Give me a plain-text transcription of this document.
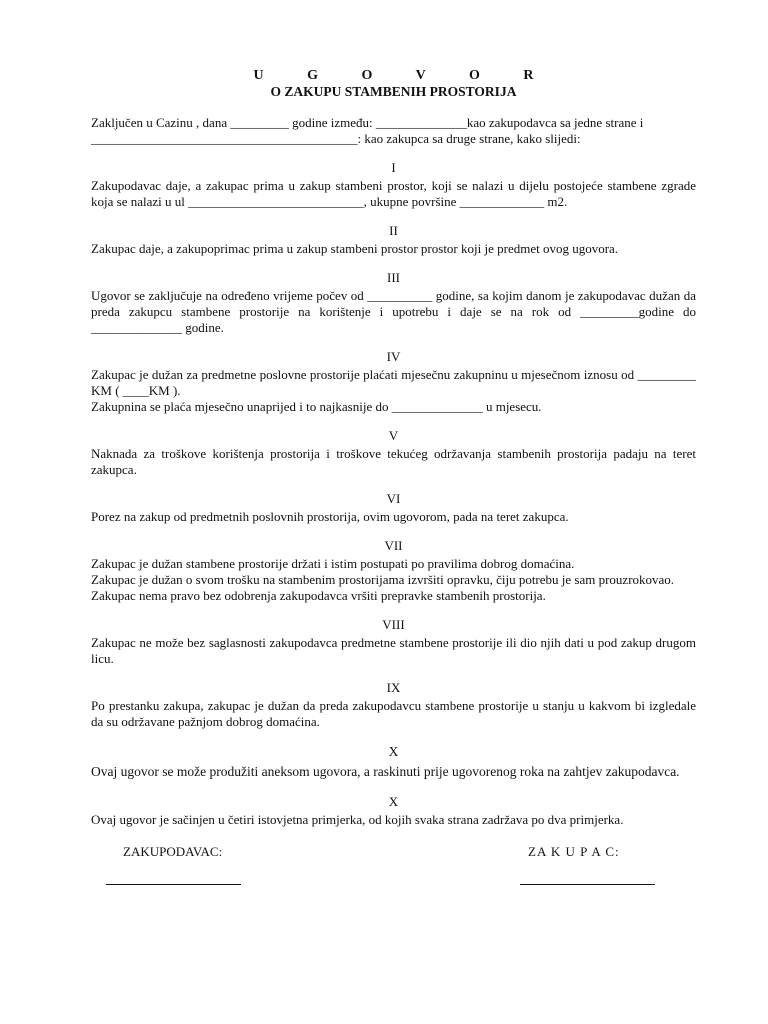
U G O V O R
O ZAKUPU STAMBENIH PROSTORIJA

Zaključen u Cazinu , dana _________ godine između: ______________kao zakupodavca sa jedne strane i
_________________________________________: kao zakupca sa druge strane, kako slijedi:

I

Zakupodavac daje, a zakupac prima u zakup stambeni prostor, koji se nalazi u dijelu postojeće stambene zgrade koja se nalazi u ul ___________________________, ukupne površine _____________ m2.

II

Zakupac daje, a zakupoprimac prima u zakup stambeni prostor prostor koji je predmet ovog ugovora.

III

Ugovor se zaključuje na određeno vrijeme počev od __________ godine, sa kojim danom je zakupodavac dužan da preda zakupcu stambene prostorije na korištenje i upotrebu i daje se na rok od _________godine do ______________ godine.

IV

Zakupac je dužan za predmetne poslovne prostorije plaćati mjesečnu zakupninu u mjesečnom iznosu od _________ KM ( ____KM ).

Zakupnina se plaća mjesečno unaprijed i to najkasnije do ______________ u mjesecu.

V

Naknada za troškove korištenja prostorija i troškove tekućeg održavanja stambenih prostorija padaju na teret zakupca.

VI

Porez na zakup od predmetnih poslovnih prostorija, ovim ugovorom, pada na teret zakupca.

VII

Zakupac je dužan stambene prostorije držati i istim postupati po pravilima dobrog domaćina.

Zakupac je dužan o svom trošku na stambenim prostorijama izvršiti opravku, čiju potrebu je sam prouzrokovao.

Zakupac nema pravo bez odobrenja zakupodavca vršiti prepravke stambenih prostorija.

VIII

Zakupac ne može bez saglasnosti zakupodavca predmetne stambene prostorije ili dio njih dati u pod zakup drugom licu.

IX

Po prestanku zakupa, zakupac je dužan da preda zakupodavcu stambene prostorije u stanju u kakvom bi izgledale da su održavane pažnjom dobrog domaćina.

X

Ovaj ugovor se može produžiti aneksom ugovora, a raskinuti prije ugovorenog roka na zahtjev zakupodavca.

X

Ovaj ugovor je sačinjen u četiri istovjetna primjerka, od kojih svaka strana zadržava po dva primjerka.

ZAKUPODAVAC:	ZA K U P A C:
